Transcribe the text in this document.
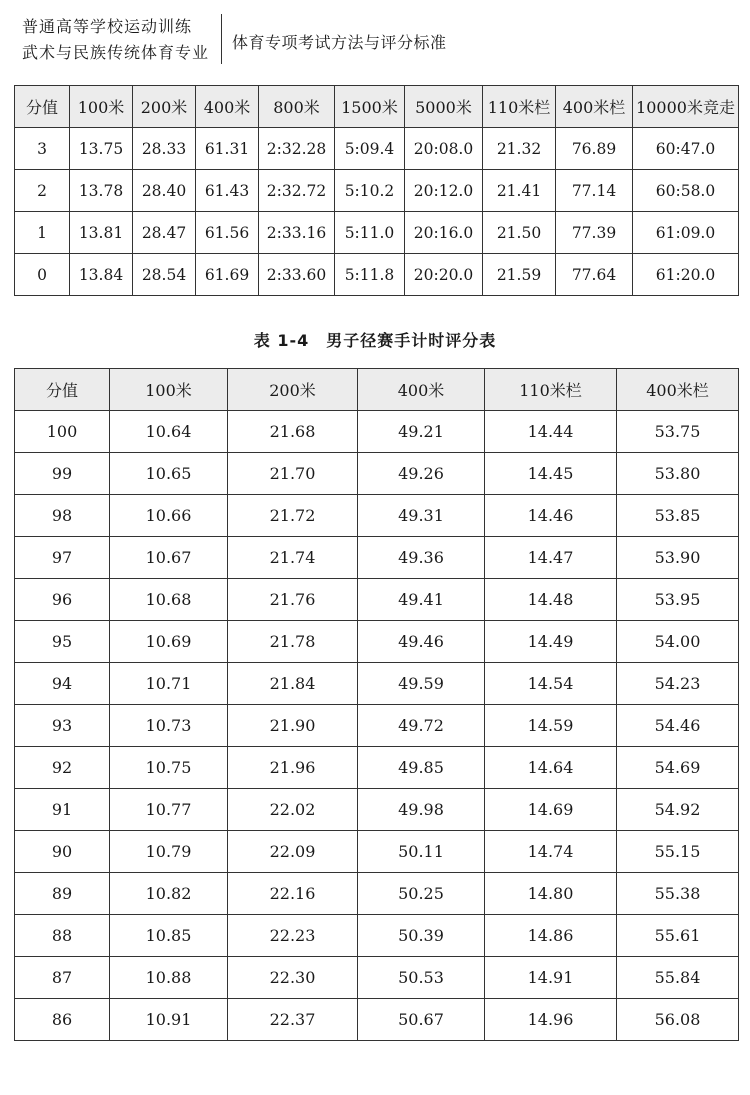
普通高等学校运动训练
武术与民族传统体育专业
体育专项考试方法与评分标准
分值	100米	200米	400米	800米	1500米	5000米	110米栏	400米栏	10000米竞走
3	13.75	28.33	61.31	2:32.28	5:09.4	20:08.0	21.32	76.89	60:47.0
2	13.78	28.40	61.43	2:32.72	5:10.2	20:12.0	21.41	77.14	60:58.0
1	13.81	28.47	61.56	2:33.16	5:11.0	20:16.0	21.50	77.39	61:09.0
0	13.84	28.54	61.69	2:33.60	5:11.8	20:20.0	21.59	77.64	61:20.0
表 1-4　男子径赛手计时评分表
分值	100米	200米	400米	110米栏	400米栏
100	10.64	21.68	49.21	14.44	53.75
99	10.65	21.70	49.26	14.45	53.80
98	10.66	21.72	49.31	14.46	53.85
97	10.67	21.74	49.36	14.47	53.90
96	10.68	21.76	49.41	14.48	53.95
95	10.69	21.78	49.46	14.49	54.00
94	10.71	21.84	49.59	14.54	54.23
93	10.73	21.90	49.72	14.59	54.46
92	10.75	21.96	49.85	14.64	54.69
91	10.77	22.02	49.98	14.69	54.92
90	10.79	22.09	50.11	14.74	55.15
89	10.82	22.16	50.25	14.80	55.38
88	10.85	22.23	50.39	14.86	55.61
87	10.88	22.30	50.53	14.91	55.84
86	10.91	22.37	50.67	14.96	56.08
